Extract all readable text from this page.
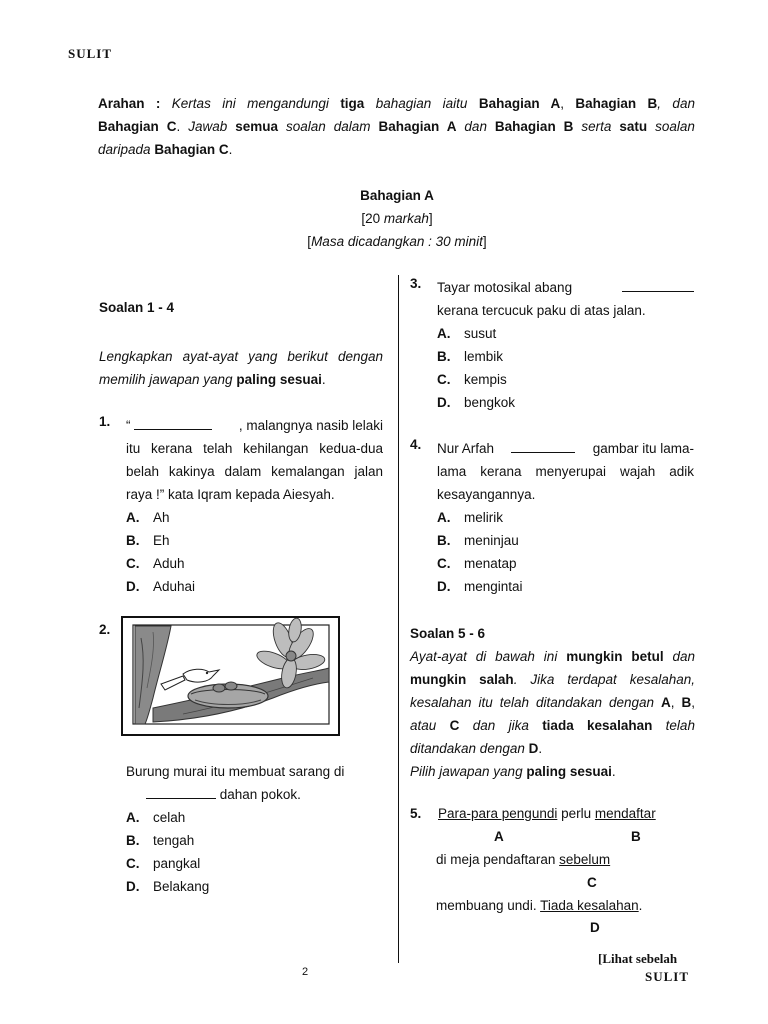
SULIT
Arahan : Kertas ini mengandungi tiga bahagian iaitu Bahagian A, Bahagian B, dan
Bahagian C. Jawab semua soalan dalam Bahagian A dan Bahagian B serta satu soalan
daripada Bahagian C.
Bahagian A
[20 markah]
[Masa dicadangkan : 30 minit]
Soalan 1 - 4
Lengkapkan ayat-ayat yang berikut dengan
memilih jawapan yang paling sesuai.
1. “	, malangnya nasib lelaki
itu kerana telah kehilangan kedua-dua
belah kakinya dalam kemalangan jalan
raya !” kata Iqram kepada Aiesyah.
A. Ah
B. Eh
C. Aduh
D. Aduhai
2.
Burung murai itu membuat sarang di
dahan pokok.
A. celah
B. tengah
C. pangkal
D. Belakang
3. Tayar motosikal abang
kerana tercucuk paku di atas jalan.
A. susut
B. lembik
C. kempis
D. bengkok
4. Nur Arfah	gambar itu lama-
lama kerana menyerupai wajah adik
kesayangannya.
A. melirik
B. meninjau
C. menatap
D. mengintai
Soalan 5 - 6
Ayat-ayat di bawah ini mungkin betul dan
mungkin salah. Jika terdapat kesalahan,
kesalahan itu telah ditandakan dengan A, B,
atau C dan jika tiada kesalahan telah
ditandakan dengan D.
Pilih jawapan yang paling sesuai.
5. Para-para pengundi perlu mendaftar
A	B
di meja pendaftaran sebelum
C
membuang undi. Tiada kesalahan.
D
2
[Lihat sebelah
SULIT
